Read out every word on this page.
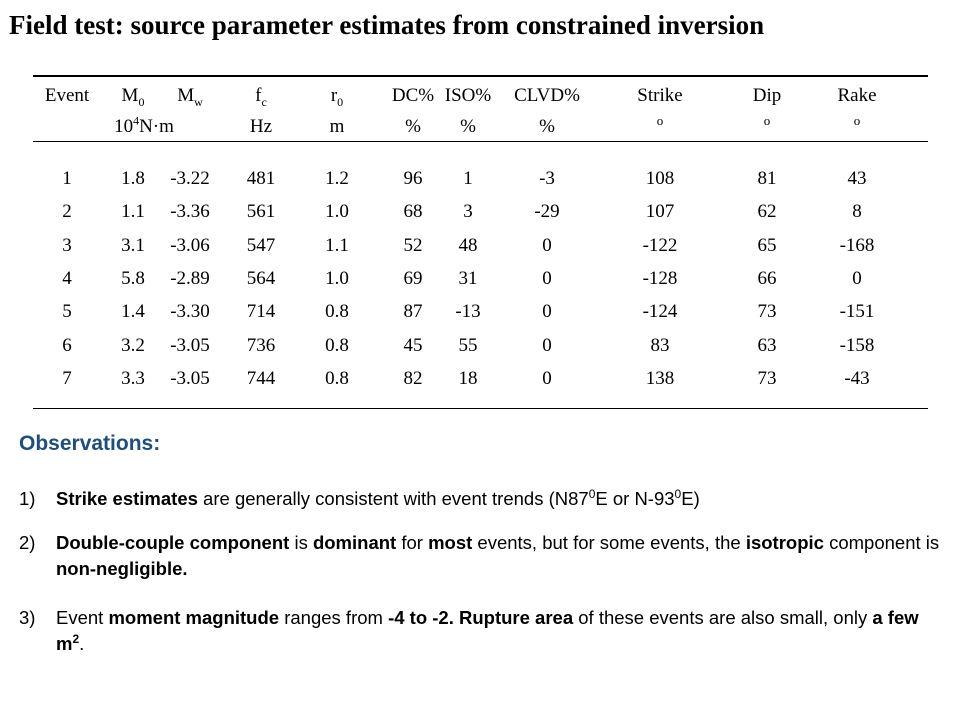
Field test: source parameter estimates from constrained inversion
Event $M_0$ $M_w$	$f_c$	$r_0$	DC% ISO% CLVD%	Strike	Dip	Rake
$10^4N\cdot m$	Hz	m	% %	%	o	o	o
1	1.8 -3.22 481	1.2	96 1	-3	108	81	43
2	1.1 -3.36 561	1.0	68 3	-29	107	62	8
3	3.1 -3.06 547	1.1	52 48	0	-122	65	-168
4	5.8 -2.89 564	1.0	69 31	0	-128	66	0
5	1.4 -3.30 714	0.8	87 -13	0	-124	73	-151
6	3.2 -3.05 736	0.8	45 55	0	83	63	-158
7	3.3 -3.05 744	0.8	82 18	0	138	73	-43
Observations:
1) Strike estimates are generally consistent with event trends ($N87^0E$ or $N-93^0E$)
2) Double-couple component is dominant for most events, but for some events, the isotropic component is non-negligible.
3) Event moment magnitude ranges from -4 to -2. Rupture area of these events are also small, only a few $m^2$.
